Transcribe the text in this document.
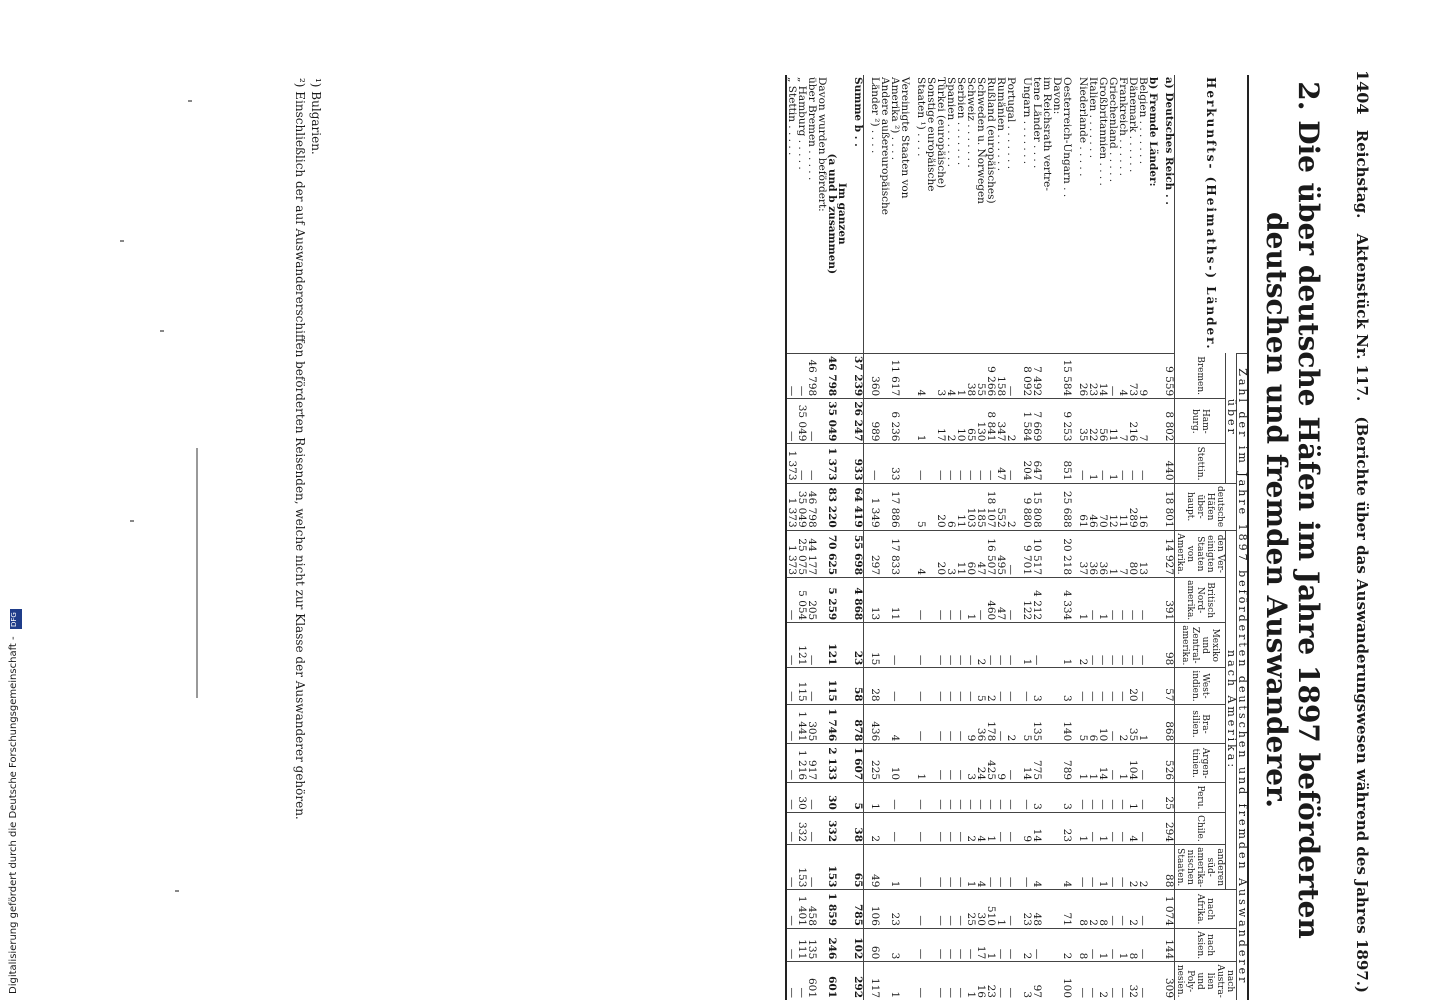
1404 Reichstag. Aktenstück Nr. 117. (Berichte über das Auswanderungswesen während des Jahres 1897.)
2. Die über deutsche Häfen im Jahre 1897 beförderten deutschen und fremden Auswanderer.
Herkunfts- (Heimaths-) Länder.	Zahl der im Jahre 1897 beförderten deutschen und fremden Auswanderer															
	über			deutsche Häfen über-haupt.	nach Amerika:									nach Afrika.	nach Asien.	nach Austra-lien und Poly-nesien.
	Bremen.	Ham-burg.	Stettin.		den Ver-einigten Staaten von Amerika.	Britisch Nord-amerika.	Mexiko und Zentral-amerika.	West-indien.	Bra-silien.	Argen-tinien.	Peru.	Chile.	anderen süd-amerika-nischen Staaten.			

a) Deutsches Reich . .	9 559	8 802	440	18 801	14 927	391	98	57	868	526	25	294	88	1 074	144	309

b) Fremde Länder:																
Belgien . . . . . . .	9	7	—	16	13	—	—	—	1	—	—	—	2	—	—	—
Dänemark . . . . . .	73	216	—	289	80	—	—	20	35	104	1	4	2	2	8	32
Frankreich . . . . . .	4	7	—	11	7	—	—	—	2	1	—	—	—	—	1	—
Griechenland . . . . .	—	11	1	12	1	—	—	—	—	—	—	—	—	—	—	—
Großbritannien . . . .	14	56	—	70	36	1	—	—	10	14	—	1	1	8	1	2
Italien . . . . . . .	23	22	1	46	36	—	—	—	6	1	—	—	—	2	—	—
Niederlande . . . . .	26	35	—	61	37	1	2	—	5	1	—	1	—	8	8	—

Oesterreich-Ungarn . .	15 584	9 253	851	25 688	20 218	4 334	1	3	140	789	3	23	4	71	2	100
Davon:																
im Reichsrath vertre-																
tene Länder . . . .	7 492	7 669	647	15 808	10 517	4 212	—	3	135	775	3	14	4	48	—	97
Ungarn . . . . . . .	8 092	1 584	204	9 880	9 701	122	1	—	5	14	—	9	—	23	2	3

Portugal . . . . . . .	—	2	—	2	—	—	—	—	2	—	—	—	—	—	—	—
Rumänien . . . . . .	158	347	47	552	495	47	—	—	—	9	—	—	—	1	—	—
Rußland (europäisches)	9 266	8 841	—	18 107	16 507	460	—	2	178	425	—	1	—	510	1	23
Schweden u. Norwegen	55	130	—	185	47	—	2	5	36	24	—	4	4	30	17	16
Schweiz . . . . . . .	38	65	—	103	60	1	—	—	9	3	—	2	1	25	—	1
Serbien . . . . . . .	1	10	—	11	11	—	—	—	—	—	—	—	—	—	—	—
Spanien . . . . . . .	4	2	—	6	3	—	—	—	—	—	—	—	—	—	—	—
Türkei (europäische)	3	17	—	20	20	—	—	—	—	—	—	—	—	—	—	—
Sonstige europäische																
Staaten ¹) . . . .	4	1	—	5	4	—	—	—	—	1	—	—	—	—	—	—

Vereinigte Staaten von																
Amerika ²) . . . .	11 617	6 236	33	17 886	17 833	11	—	—	4	10	—	—	1	23	3	1
Andere außereuropäische																
Länder ²) . . . .	360	989	—	1 349	297	13	15	28	436	225	1	2	49	106	60	117

Summe b . .	37 239	26 247	933	64 419	55 698	4 868	23	58	878	1 607	5	38	65	785	102	292

Im ganzen																
(a und b zusammen)	46 798	35 049	1 373	83 220	70 625	5 259	121	115	1 746	2 133	30	332	153	1 859	246	601
Davon wurden befördert:																
über Bremen . . . . .	46 798	—	—	46 798	44 177	205	—	—	305	917	—	—	—	458	135	601
„ Hamburg . . . . .	—	35 049	—	35 049	25 075	5 054	121	115	1 441	1 216	30	332	153	1 401	111	—
„ Stettin . . . . .	—	—	1 373	1 373	1 373	—	—	—	—	—	—	—	—	—	—	—
¹) Bulgarien.
²) Einschließlich der auf Auswandererschiffen beförderten Reisenden, welche nicht zur Klasse der Auswanderer gehören.
Digitalisierung gefördert durch die Deutsche Forschungsgemeinschaft - DFG
